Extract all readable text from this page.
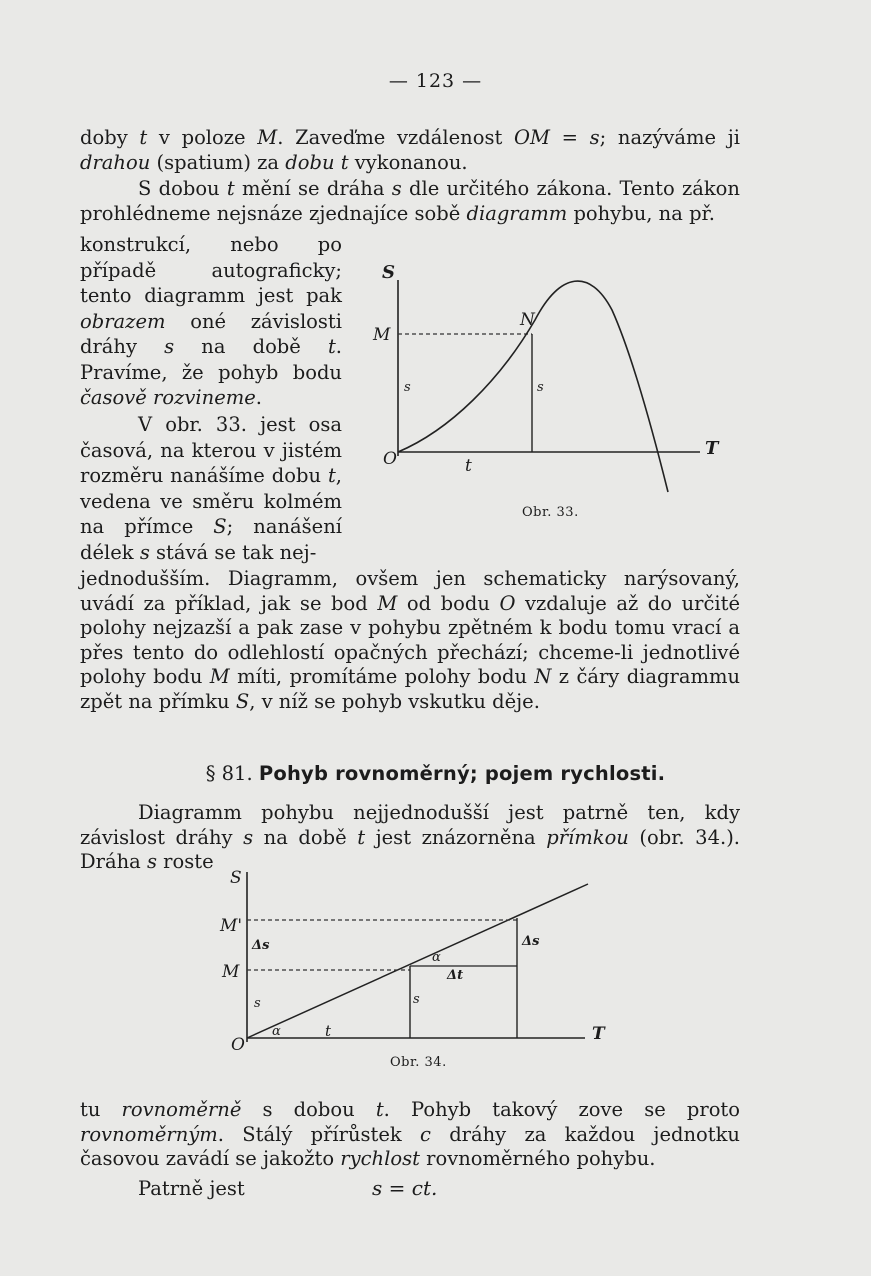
— 123 —

doby t v poloze M. Zaveďme vzdálenost OM = s; nazýváme ji drahou (spatium) za dobu t vykonanou.

S dobou t mění se dráha s dle určitého zákona. Tento zákon prohlédneme nejsnáze zjednajíce sobě diagramm pohybu, na př.

konstrukcí, nebo po případě autograficky; tento diagramm jest pak obrazem oné závislosti dráhy s na době t. Pravíme, že pohyb bodu časově rozvineme.

V obr. 33. jest osa časová, na kterou v jistém rozměru nanášíme dobu t, vedena ve směru kolmém na přímce S; nanášení délek s stává se tak nej-

jednodušším. Diagramm, ovšem jen schematicky narýsovaný, uvádí za příklad, jak se bod M od bodu O vzdaluje až do určité polohy nejzazší a pak zase v pohybu zpětném k bodu tomu vrací a přes tento do odlehlostí opačných přechází; chceme-li jednotlivé polohy bodu M míti, promítáme polohy bodu N z čáry diagrammu zpět na přímku S, v níž se pohyb vskutku děje.

§ 81. Pohyb rovnoměrný; pojem rychlosti.

Diagramm pohybu nejjednodušší jest patrně ten, kdy závislost dráhy s na době t jest znázorněna přímkou (obr. 34.). Dráha s roste

tu rovnoměrně s dobou t. Pohyb takový zove se proto rovnoměrným. Stálý přírůstek c dráhy za každou jednotku časovou zavádí se jakožto rychlost rovnoměrného pohybu.

Patrně jest	s = ct.
S
M
N
O	T
t
s	s
Obr. 33.
S
M'
M
O
T
Δs	Δs
Δt
α
α
s	s
t
Obr. 34.
